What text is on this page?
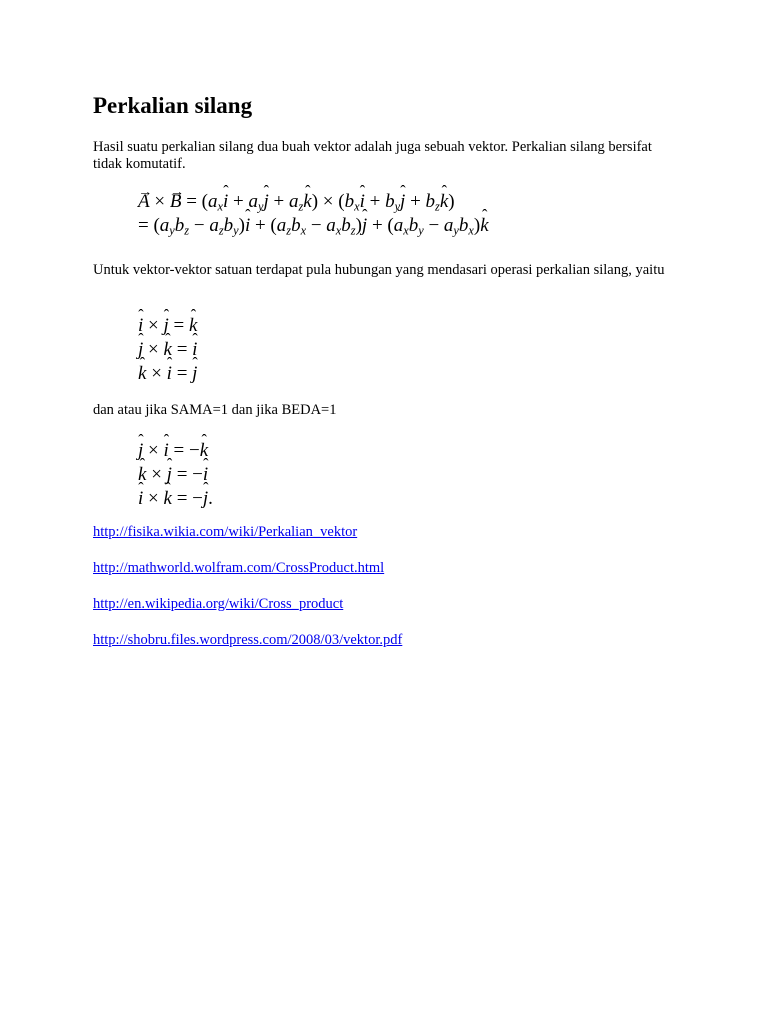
Perkalian silang

Hasil suatu perkalian silang dua buah vektor adalah juga sebuah vektor. Perkalian silang bersifat tidak komutatif.

A → × B → = ($a_xi$ ˆ + $a_yj$ ˆ + $a_zk$ ˆ) × ($b_xi$ ˆ + $b_yj$ ˆ + $b_zk$ ˆ)
= $(a_yb_z - a_zb_y)i$ ˆ + $(a_zb_x - a_xb_z)j$ ˆ + $(a_xb_y - a_yb_x)k$ ˆ

Untuk vektor-vektor satuan terdapat pula hubungan yang mendasari operasi perkalian silang, yaitu

i ˆ × j ˆ = k ˆ
j ˆ × k ˆ = i ˆ
k ˆ × i ˆ = j ˆ

dan atau jika SAMA=1 dan jika BEDA=1

j ˆ × i ˆ = −k ˆ
k ˆ × j ˆ = −i ˆ
i ˆ × k ˆ = −j ˆ.
http://fisika.wikia.com/wiki/Perkalian_vektor
http://mathworld.wolfram.com/CrossProduct.html
http://en.wikipedia.org/wiki/Cross_product
http://shobru.files.wordpress.com/2008/03/vektor.pdf
